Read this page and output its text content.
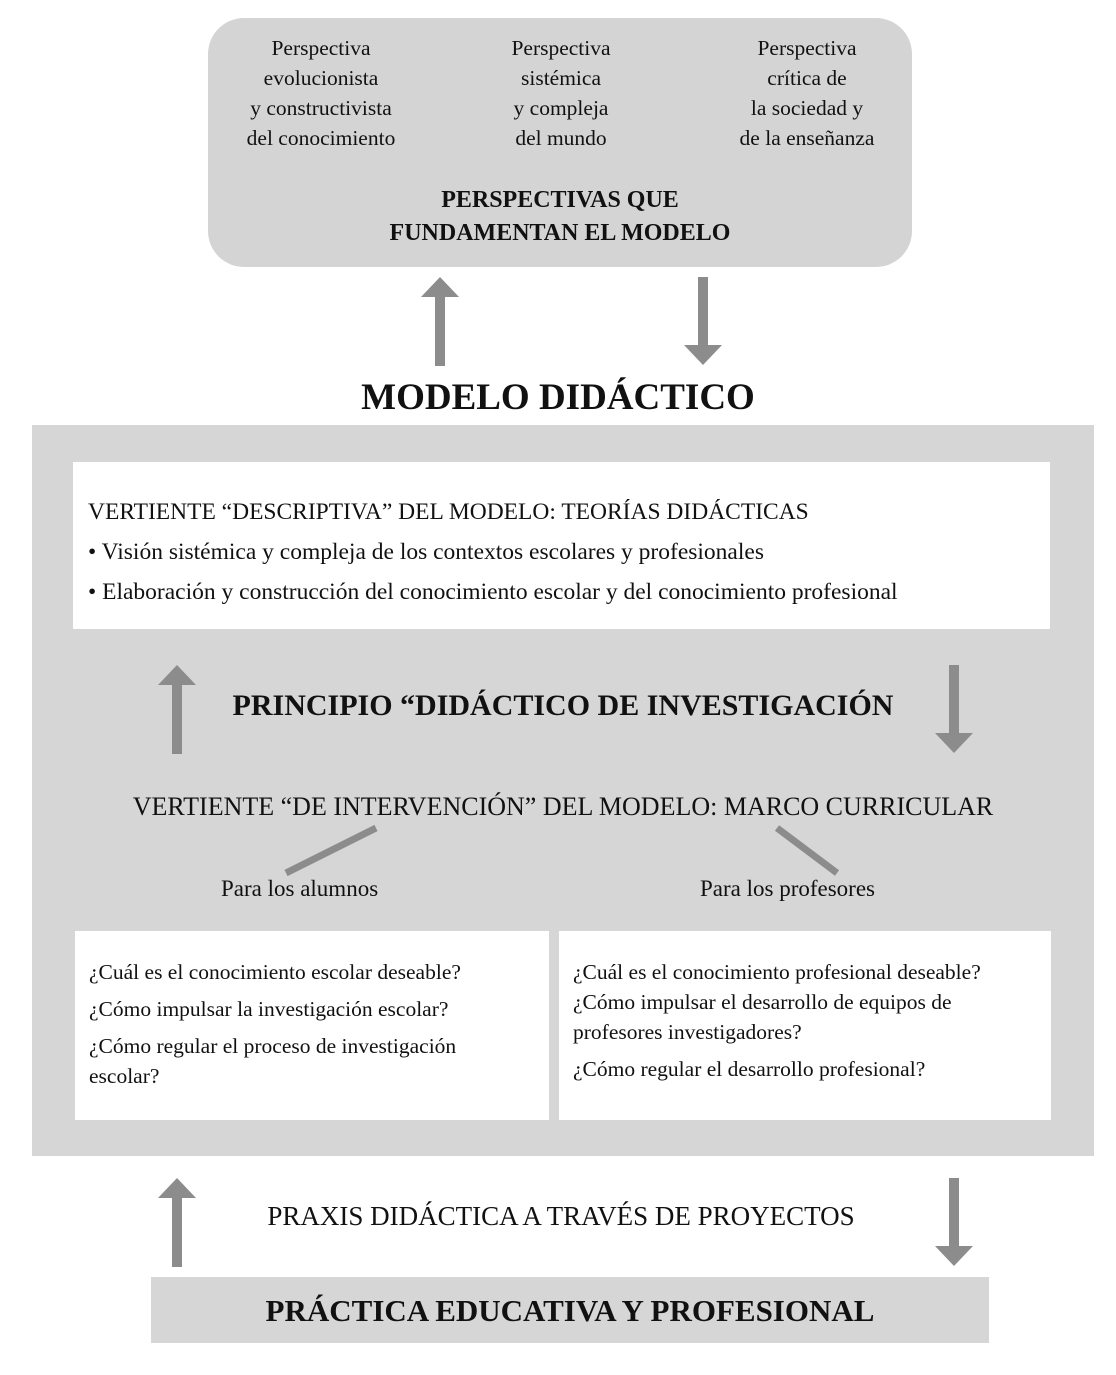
Perspectiva
evolucionista
y constructivista
del conocimiento
Perspectiva
sistémica
y compleja
del mundo
Perspectiva
crítica de
la sociedad y
de la enseñanza
PERSPECTIVAS QUE
FUNDAMENTAN EL MODELO
MODELO DIDÁCTICO
VERTIENTE “DESCRIPTIVA” DEL MODELO: TEORÍAS DIDÁCTICAS
• Visión sistémica y compleja de los contextos escolares y profesionales
• Elaboración y construcción del conocimiento escolar y del conocimiento profesional
PRINCIPIO “DIDÁCTICO DE INVESTIGACIÓN
VERTIENTE “DE INTERVENCIÓN” DEL MODELO: MARCO CURRICULAR
Para los alumnos	Para los profesores
¿Cuál es el conocimiento escolar deseable?
¿Cómo impulsar la investigación escolar?
¿Cómo regular el proceso de investigación
escolar?
¿Cuál es el conocimiento profesional deseable?
¿Cómo impulsar el desarrollo de equipos de
profesores investigadores?
¿Cómo regular el desarrollo profesional?
PRAXIS DIDÁCTICA A TRAVÉS DE PROYECTOS
PRÁCTICA EDUCATIVA Y PROFESIONAL
